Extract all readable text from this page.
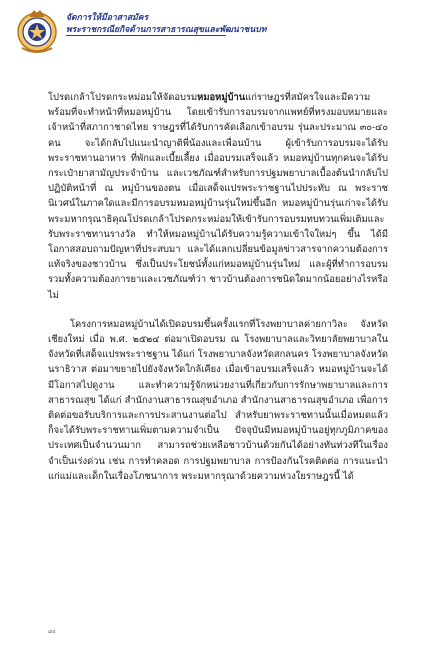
จัดการให้มีอาสาสมัคร
พระราชกรณียกิจด้านการสาธารณสุขและพัฒนาชนบท

โปรดเกล้าโปรดกระหม่อมให้จัดอบรมหมอหมู่บ้านแก่ราษฎรที่สมัครใจและมีความพร้อมที่จะทำหน้าที่หมอหมู่บ้าน โดยเข้ารับการอบรมจากแพทย์ที่ทรงมอบหมายและเจ้าหน้าที่สภากาชาดไทย ราษฎรที่ได้รับการคัดเลือกเข้าอบรม รุ่นละประมาณ ๓๐-๔๐ คน จะได้กลับไปแนะนำญาติพี่น้องและเพื่อนบ้าน ผู้เข้ารับการอบรมจะได้รับพระราชทานอาหาร ที่พักและเบี้ยเลี้ยง เมื่ออบรมเสร็จแล้ว หมอหมู่บ้านทุกคนจะได้รับกระเป๋ายาสามัญประจำบ้าน และเวชภัณฑ์สำหรับการปฐมพยาบาลเบื้องต้นนำกลับไปปฏิบัติหน้าที่ ณ หมู่บ้านของตน เมื่อเสด็จแปรพระราชฐานไปประทับ ณ พระราชนิเวศน์ในภาคใดและมีการอบรมหมอหมู่บ้านรุ่นใหม่ขึ้นอีก หมอหมู่บ้านรุ่นเก่าจะได้รับพระมหากรุณาธิคุณโปรดเกล้าโปรดกระหม่อมให้เข้ารับการอบรมทบทวนเพิ่มเติมและรับพระราชทานรางวัล ทำให้หมอหมู่บ้านได้รับความรู้ความเข้าใจใหม่ๆ ขึ้น ได้มีโอกาสสอบถามปัญหาที่ประสบมา และได้แลกเปลี่ยนข้อมูลข่าวสารจากความต้องการแท้จริงของชาวบ้าน ซึ่งเป็นประโยชน์ทั้งแก่หมอหมู่บ้านรุ่นใหม่ และผู้ที่ทำการอบรมรวมทั้งความต้องการยาและเวชภัณฑ์ว่า ชาวบ้านต้องการชนิดใดมากน้อยอย่างไรหรือไม่

โครงการหมอหมู่บ้านได้เปิดอบรมขึ้นครั้งแรกที่โรงพยาบาลค่ายกาวิละ จังหวัดเชียงใหม่ เมื่อ พ.ศ. ๒๕๒๔ ต่อมาเปิดอบรม ณ โรงพยาบาลและวิทยาลัยพยาบาลในจังหวัดที่เสด็จแปรพระราชฐาน ได้แก่ โรงพยาบาลจังหวัดสกลนคร โรงพยาบาลจังหวัดนราธิวาส ต่อมาขยายไปยังจังหวัดใกล้เคียง เมื่อเข้าอบรมเสร็จแล้ว หมอหมู่บ้านจะได้มีโอกาสไปดูงาน และทำความรู้จักหน่วยงานที่เกี่ยวกับการรักษาพยาบาลและการสาธารณสุข ได้แก่ สำนักงานสาธารณสุขอำเภอ สำนักงานสาธารณสุขอำเภอ เพื่อการติดต่อขอรับบริการและการประสานงานต่อไป สำหรับยาพระราชทานนั้นเมื่อหมดแล้วก็จะได้รับพระราชทานเพิ่มตามความจำเป็น ปัจจุบันมีหมอหมู่บ้านอยู่ทุกภูมิภาคของประเทศเป็นจำนวนมาก สามารถช่วยเหลือชาวบ้านด้วยกันได้อย่างทันท่วงทีในเรื่องจำเป็นเร่งด่วน เช่น การทำคลอด การปฐมพยาบาล การป้องกันโรคติดต่อ การแนะนำแก่แม่และเด็กในเรื่องโภชนาการ พระมหากรุณาด้วยความห่วงใยราษฎรนี้ ได้

๘๔
